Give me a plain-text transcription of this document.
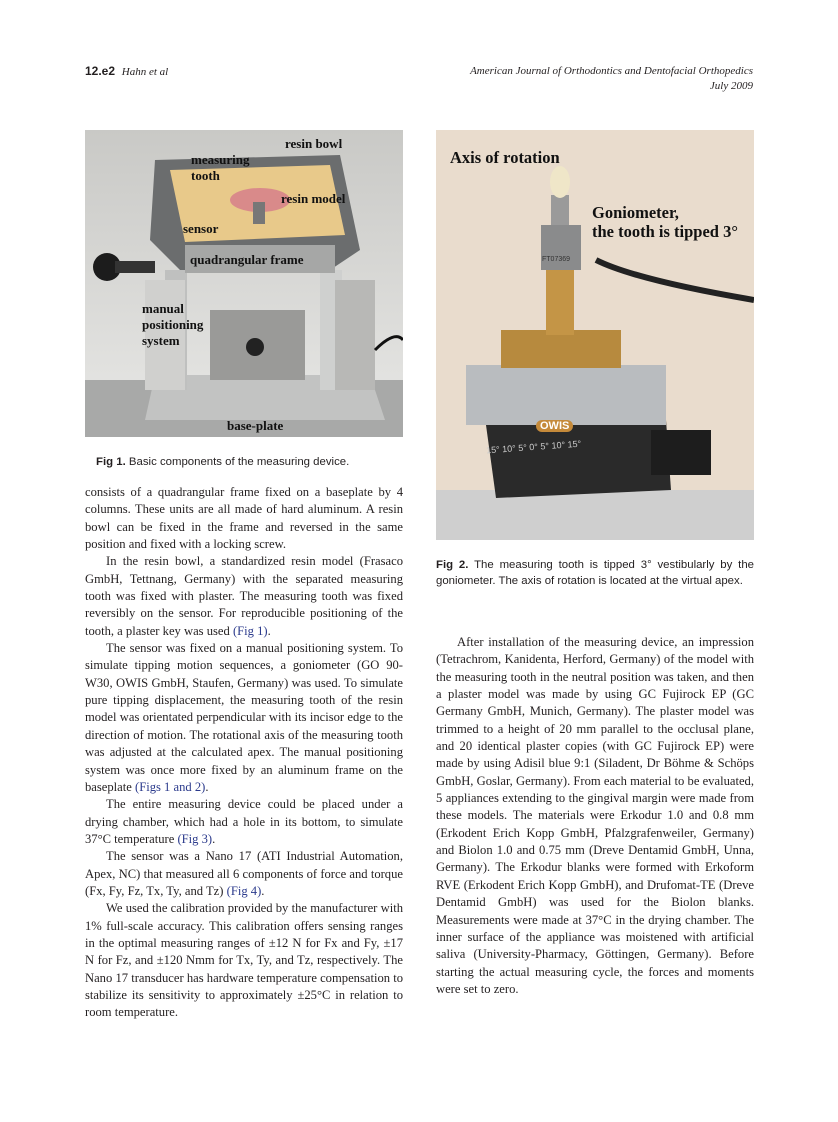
12.e2 Hahn et al	American Journal of Orthodontics and Dentofacial Orthopedics
July 2009
resin bowl
measuring
tooth
resin model
sensor
quadrangular frame
manual
positioning
system
base-plate
Fig 1. Basic components of the measuring device.
Axis of rotation
Goniometer,
the tooth is tipped 3°
OWIS
15° 10° 5° 0° 5° 10° 15°
FT07369
Fig 2. The measuring tooth is tipped 3° vestibularly by the goniometer. The axis of rotation is located at the virtual apex.

consists of a quadrangular frame fixed on a baseplate by 4 columns. These units are all made of hard aluminum. A resin bowl can be fixed in the frame and reversed in the same position and fixed with a locking screw.

In the resin bowl, a standardized resin model (Frasaco GmbH, Tettnang, Germany) with the separated measuring tooth was fixed with plaster. The measuring tooth was fixed reversibly on the sensor. For reproducible positioning of the tooth, a plaster key was used (Fig 1).

The sensor was fixed on a manual positioning system. To simulate tipping motion sequences, a goniometer (GO 90-W30, OWIS GmbH, Staufen, Germany) was used. To simulate pure tipping displacement, the measuring tooth of the resin model was orientated perpendicular with its incisor edge to the direction of motion. The rotational axis of the measuring tooth was adjusted at the calculated apex. The manual positioning system was once more fixed by an aluminum frame on the baseplate (Figs 1 and 2).

The entire measuring device could be placed under a drying chamber, which had a hole in its bottom, to simulate 37°C temperature (Fig 3).

The sensor was a Nano 17 (ATI Industrial Automation, Apex, NC) that measured all 6 components of force and torque (Fx, Fy, Fz, Tx, Ty, and Tz) (Fig 4).

We used the calibration provided by the manufacturer with 1% full-scale accuracy. This calibration offers sensing ranges in the optimal measuring ranges of ±12 N for Fx and Fy, ±17 N for Fz, and ±120 Nmm for Tx, Ty, and Tz, respectively. The Nano 17 transducer has hardware temperature compensation to stabilize its sensitivity to approximately ±25°C in relation to room temperature.

After installation of the measuring device, an impression (Tetrachrom, Kanidenta, Herford, Germany) of the model with the measuring tooth in the neutral position was taken, and then a plaster model was made by using GC Fujirock EP (GC Germany GmbH, Munich, Germany). The plaster model was trimmed to a height of 20 mm parallel to the occlusal plane, and 20 identical plaster copies (with GC Fujirock EP) were made by using Adisil blue 9:1 (Siladent, Dr Böhme & Schöps GmbH, Goslar, Germany). From each material to be evaluated, 5 appliances extending to the gingival margin were made from these models. The materials were Erkodur 1.0 and 0.8 mm (Erkodent Erich Kopp GmbH, Pfalzgrafenweiler, Germany) and Biolon 1.0 and 0.75 mm (Dreve Dentamid GmbH, Unna, Germany). The Erkodur blanks were formed with Erkoform RVE (Erkodent Erich Kopp GmbH), and Drufomat-TE (Dreve Dentamid GmbH) was used for the Biolon blanks. Measurements were made at 37°C in the drying chamber. The inner surface of the appliance was moistened with artificial saliva (University-Pharmacy, Göttingen, Germany). Before starting the actual measuring cycle, the forces and moments were set to zero.
